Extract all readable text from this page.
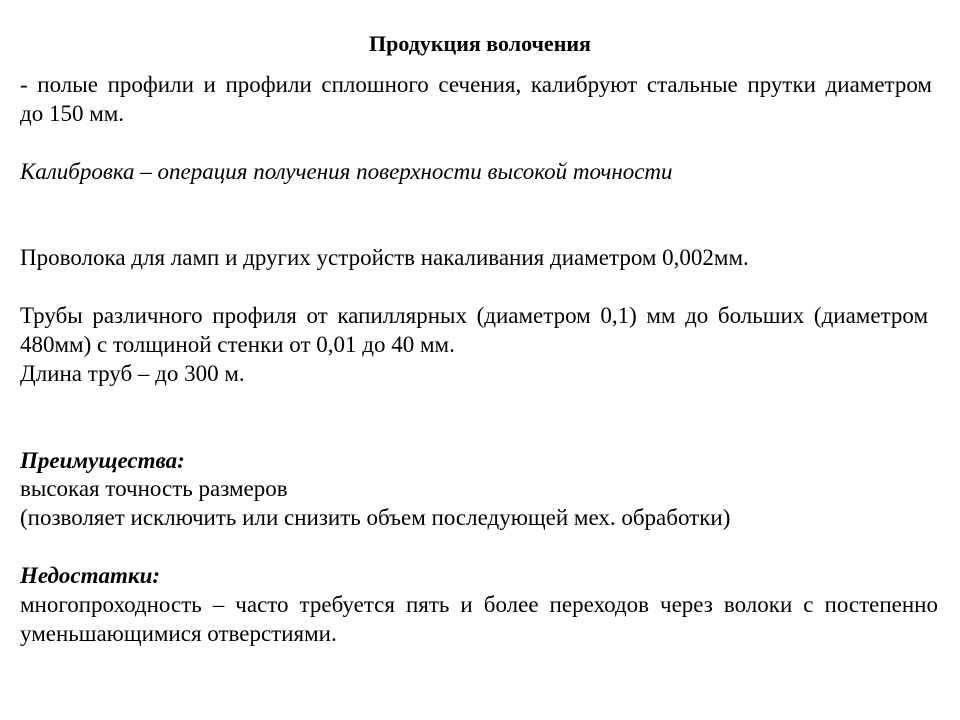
Продукция волочения
- полые профили и профили сплошного сечения, калибруют стальные прутки диаметром
до 150 мм.
Калибровка – операция получения поверхности высокой точности
Проволока для ламп и других устройств накаливания диаметром 0,002мм.
Трубы различного профиля от капиллярных (диаметром 0,1) мм до больших (диаметром
480мм) с толщиной стенки от 0,01 до 40 мм.
Длина труб – до 300 м.
Преимущества:
высокая точность размеров
(позволяет исключить или снизить объем последующей мех. обработки)
Недостатки:
многопроходность – часто требуется пять и более переходов через волоки с постепенно
уменьшающимися отверстиями.
